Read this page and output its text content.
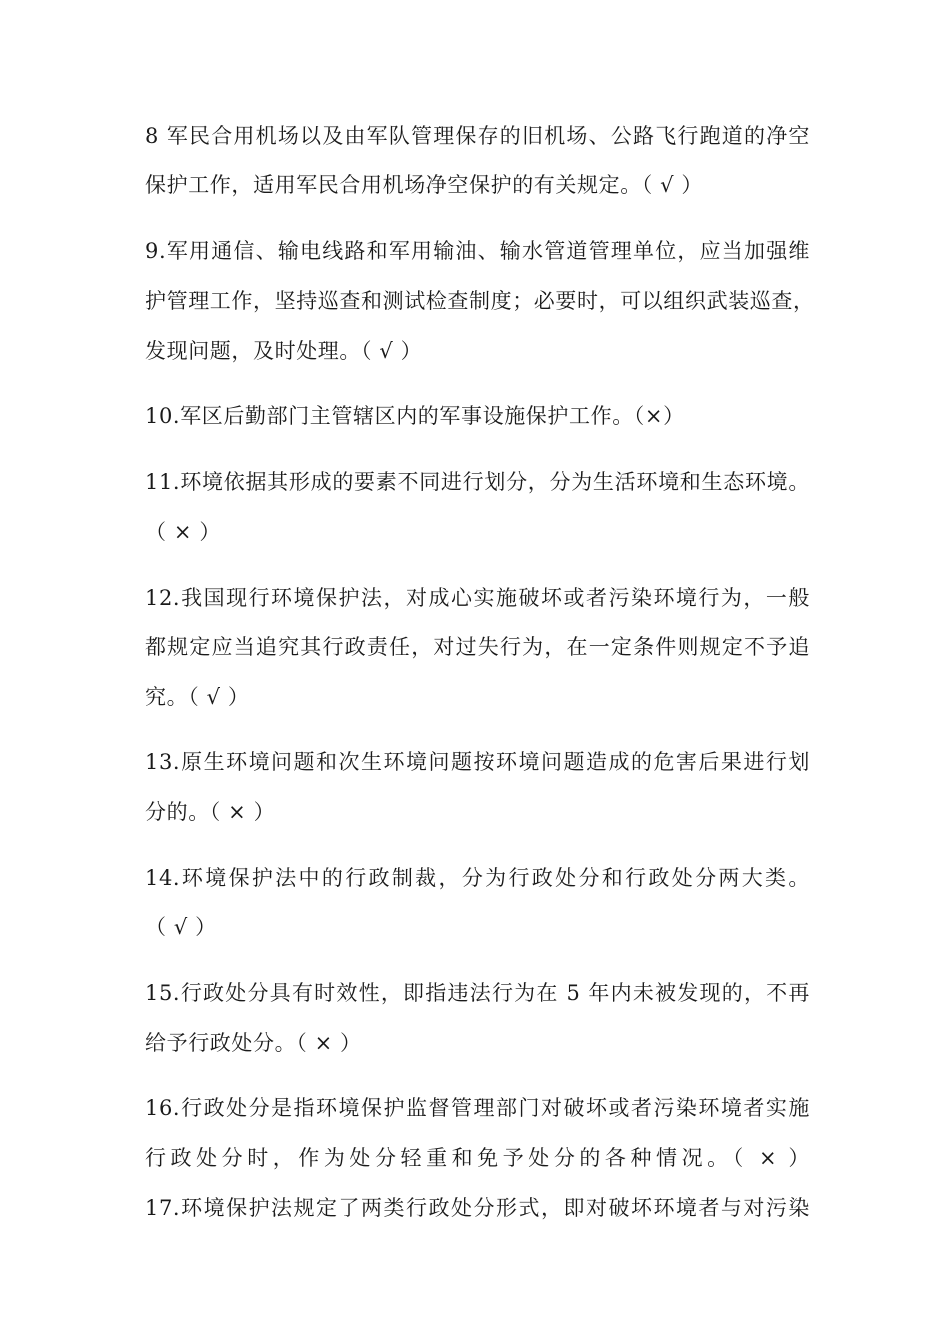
8 军民合用机场以及由军队管理保存的旧机场、公路飞行跑道的净空
保护工作，适用军民合用机场净空保护的有关规定。（ √ ）
9.军用通信、输电线路和军用输油、输水管道管理单位，应当加强维
护管理工作，坚持巡查和测试检查制度；必要时，可以组织武装巡查，
发现问题，及时处理。（ √ ）
10.军区后勤部门主管辖区内的军事设施保护工作。（×）
11.环境依据其形成的要素不同进行划分，分为生活环境和生态环境。
（ × ）
12.我国现行环境保护法，对成心实施破坏或者污染环境行为，一般
都规定应当追究其行政责任，对过失行为，在一定条件则规定不予追
究。（ √ ）
13.原生环境问题和次生环境问题按环境问题造成的危害后果进行划
分的。（ × ）
14.环境保护法中的行政制裁，分为行政处分和行政处分两大类。
（ √ ）
15.行政处分具有时效性，即指违法行为在 5 年内未被发现的，不再
给予行政处分。（ × ）
16.行政处分是指环境保护监督管理部门对破坏或者污染环境者实施
行政处分时，作为处分轻重和免予处分的各种情况。（ × ）
17.环境保护法规定了两类行政处分形式，即对破坏环境者与对污染
